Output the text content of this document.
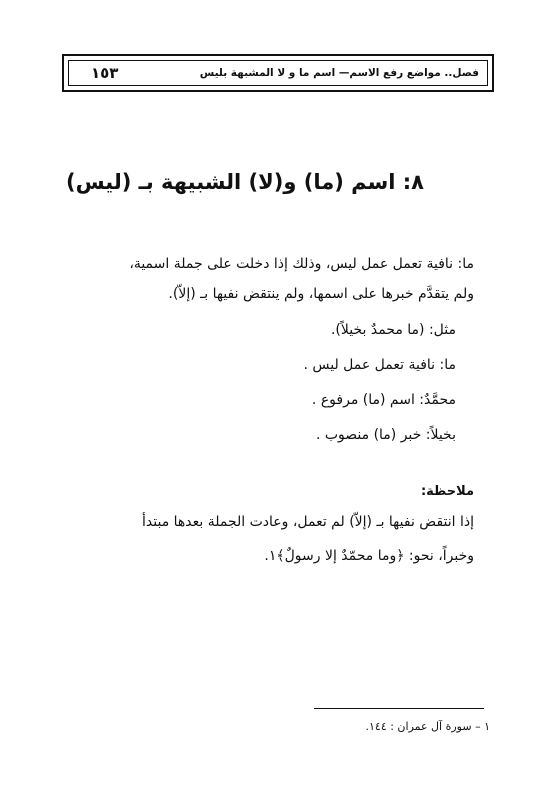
فصل.. مواضع رفع الاسم— اسم ما و لا المشبهة بليس
١٥٣
٨: اسم (ما) و(لا) الشبيهة بـ (ليس)
ما: نافية تعمل عمل ليس، وذلك إذا دخلت على جملة اسمية،
ولم يتقدَّم خبرها على اسمها، ولم ينتقض نفيها بـ (إلاّ).
مثل: (ما محمدٌ بخيلاً).
ما: نافية تعمل عمل ليس .
محمَّدٌ: اسم (ما) مرفوع .
بخيلاً: خبر (ما) منصوب .
ملاحظة:
إذا انتقض نفيها بـ (إلاّ) لم تعمل، وعادت الجملة بعدها مبتدأ
وخبراً، نحو: ﴿وما محمّدٌ إلا رسولٌ﴾١.
١ – سورة آل عمران : ١٤٤.
